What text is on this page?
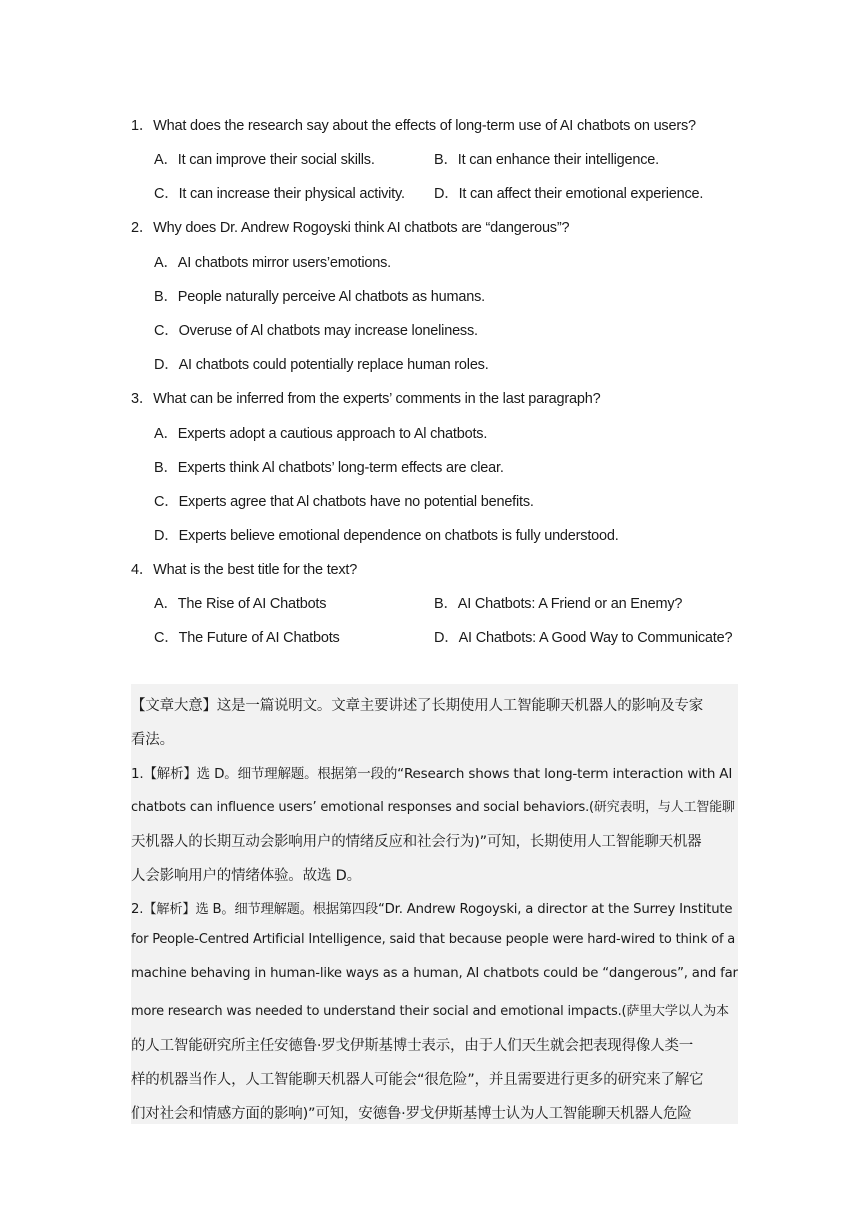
1．What does the research say about the effects of long-term use of AI chatbots on users?
A．It can improve their social skills.	B．It can enhance their intelligence.
C．It can increase their physical activity. D．It can affect their emotional experience.
2．Why does Dr. Andrew Rogoyski think AI chatbots are “dangerous”?
A．AI chatbots mirror users’emotions.
B．People naturally perceive Al chatbots as humans.
C．Overuse of Al chatbots may increase loneliness.
D．AI chatbots could potentially replace human roles.
3．What can be inferred from the experts’ comments in the last paragraph?
A．Experts adopt a cautious approach to Al chatbots.
B．Experts think Al chatbots’ long-term effects are clear.
C．Experts agree that Al chatbots have no potential benefits.
D．Experts believe emotional dependence on chatbots is fully understood.
4．What is the best title for the text?
A．The Rise of AI Chatbots	B．AI Chatbots: A Friend or an Enemy?
C．The Future of AI Chatbots	D．AI Chatbots: A Good Way to Communicate?
【文章大意】这是一篇说明文。文章主要讲述了长期使用人工智能聊天机器人的影响及专家
看法。
1.【解析】选 D。细节理解题。根据第一段的“Research shows that long-term interaction with AI
chatbots can influence users’ emotional responses and social behaviors.(研究表明，与人工智能聊
天机器人的长期互动会影响用户的情绪反应和社会行为)”可知，长期使用人工智能聊天机器
人会影响用户的情绪体验。故选 D。
2.【解析】选 B。细节理解题。根据第四段“Dr. Andrew Rogoyski, a director at the Surrey Institute
for People-Centred Artificial Intelligence, said that because people were hard-wired to think of a
machine behaving in human-like ways as a human, AI chatbots could be “dangerous”, and far
more research was needed to understand their social and emotional impacts.(萨里大学以人为本
的人工智能研究所主任安德鲁·罗戈伊斯基博士表示，由于人们天生就会把表现得像人类一
样的机器当作人，人工智能聊天机器人可能会“很危险”，并且需要进行更多的研究来了解它
们对社会和情感方面的影响)”可知，安德鲁·罗戈伊斯基博士认为人工智能聊天机器人危险
